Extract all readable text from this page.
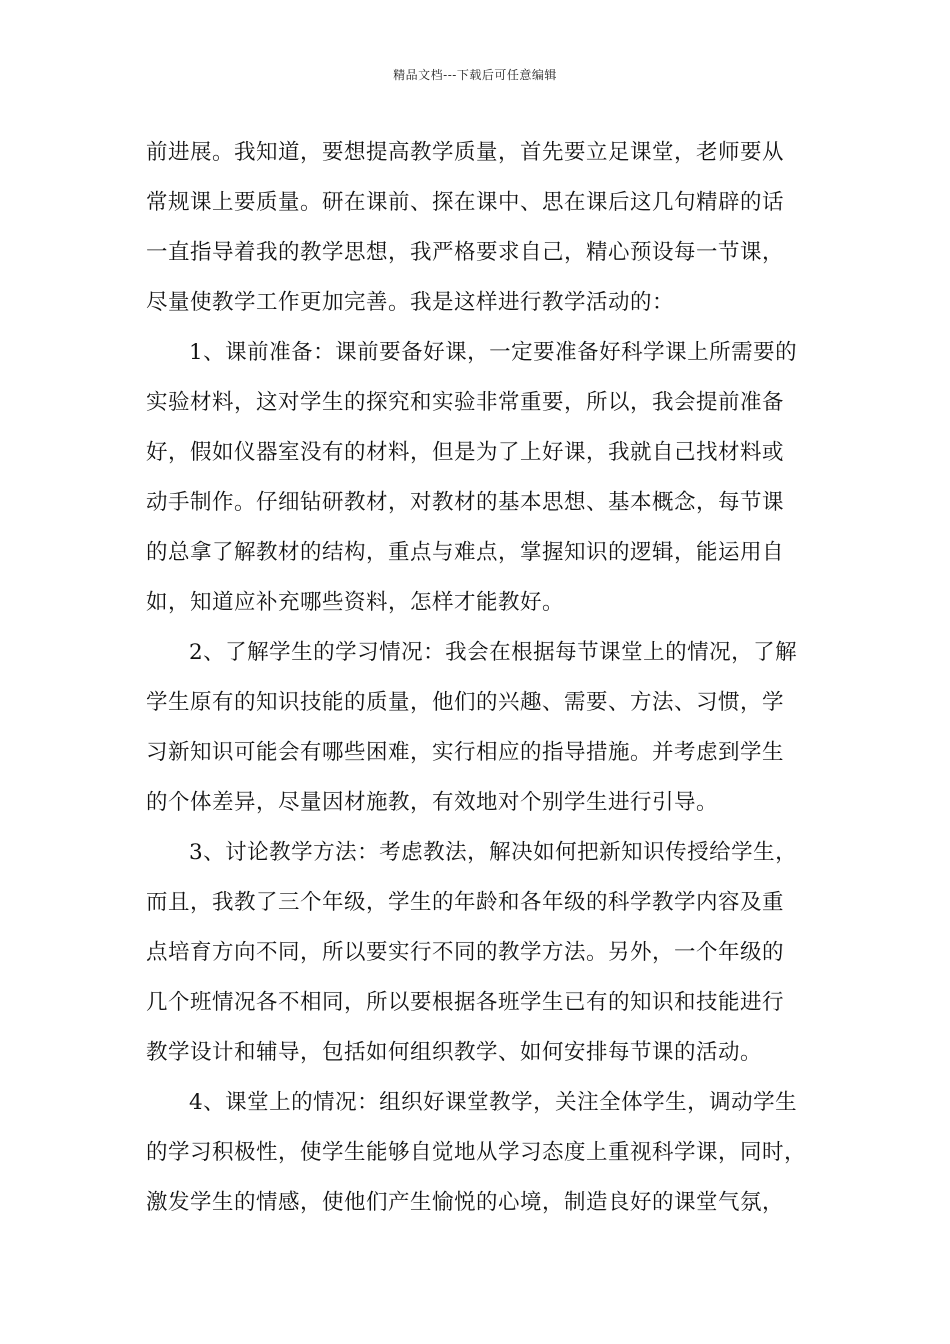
精品文档---下载后可任意编辑
前进展。我知道，要想提高教学质量，首先要立足课堂，老师要从
常规课上要质量。研在课前、探在课中、思在课后这几句精辟的话
一直指导着我的教学思想，我严格要求自己，精心预设每一节课，
尽量使教学工作更加完善。我是这样进行教学活动的：
1、课前准备：课前要备好课，一定要准备好科学课上所需要的
实验材料，这对学生的探究和实验非常重要，所以，我会提前准备
好，假如仪器室没有的材料，但是为了上好课，我就自己找材料或
动手制作。仔细钻研教材，对教材的基本思想、基本概念，每节课
的总拿了解教材的结构，重点与难点，掌握知识的逻辑，能运用自
如，知道应补充哪些资料，怎样才能教好。
2、了解学生的学习情况：我会在根据每节课堂上的情况，了解
学生原有的知识技能的质量，他们的兴趣、需要、方法、习惯，学
习新知识可能会有哪些困难，实行相应的指导措施。并考虑到学生
的个体差异，尽量因材施教，有效地对个别学生进行引导。
3、讨论教学方法：考虑教法，解决如何把新知识传授给学生，
而且，我教了三个年级，学生的年龄和各年级的科学教学内容及重
点培育方向不同，所以要实行不同的教学方法。另外，一个年级的
几个班情况各不相同，所以要根据各班学生已有的知识和技能进行
教学设计和辅导，包括如何组织教学、如何安排每节课的活动。
4、课堂上的情况：组织好课堂教学，关注全体学生，调动学生
的学习积极性，使学生能够自觉地从学习态度上重视科学课，同时，
激发学生的情感，使他们产生愉悦的心境，制造良好的课堂气氛，
